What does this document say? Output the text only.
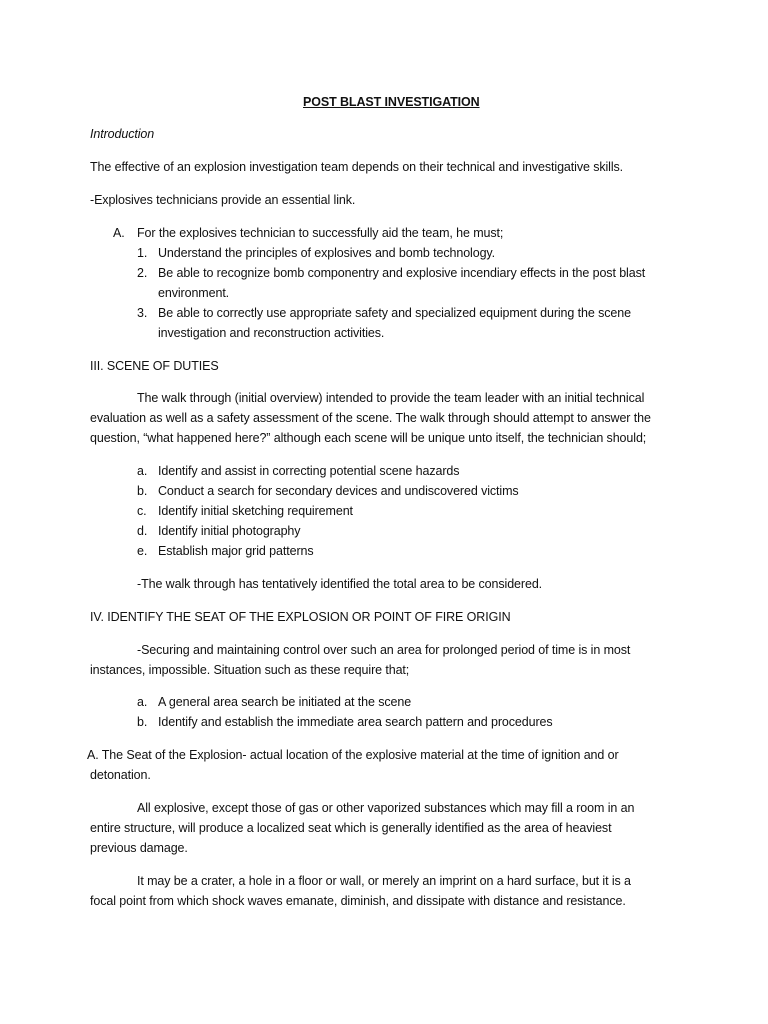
POST BLAST INVESTIGATION
Introduction
The effective of an explosion investigation team depends on their technical and investigative skills.
-Explosives technicians provide an essential link.
A. For the explosives technician to successfully aid the team, he must;
1. Understand the principles of explosives and bomb technology.
2. Be able to recognize bomb componentry and explosive incendiary effects in the post blast
environment.
3. Be able to correctly use appropriate safety and specialized equipment during the scene
investigation and reconstruction activities.
III. SCENE OF DUTIES
The walk through (initial overview) intended to provide the team leader with an initial technical
evaluation as well as a safety assessment of the scene. The walk through should attempt to answer the
question, “what happened here?” although each scene will be unique unto itself, the technician should;
a. Identify and assist in correcting potential scene hazards
b. Conduct a search for secondary devices and undiscovered victims
c. Identify initial sketching requirement
d. Identify initial photography
e. Establish major grid patterns
-The walk through has tentatively identified the total area to be considered.
IV. IDENTIFY THE SEAT OF THE EXPLOSION OR POINT OF FIRE ORIGIN
-Securing and maintaining control over such an area for prolonged period of time is in most
instances, impossible. Situation such as these require that;
a. A general area search be initiated at the scene
b. Identify and establish the immediate area search pattern and procedures
A. The Seat of the Explosion- actual location of the explosive material at the time of ignition and or
detonation.
All explosive, except those of gas or other vaporized substances which may fill a room in an
entire structure, will produce a localized seat which is generally identified as the area of heaviest
previous damage.
It may be a crater, a hole in a floor or wall, or merely an imprint on a hard surface, but it is a
focal point from which shock waves emanate, diminish, and dissipate with distance and resistance.
